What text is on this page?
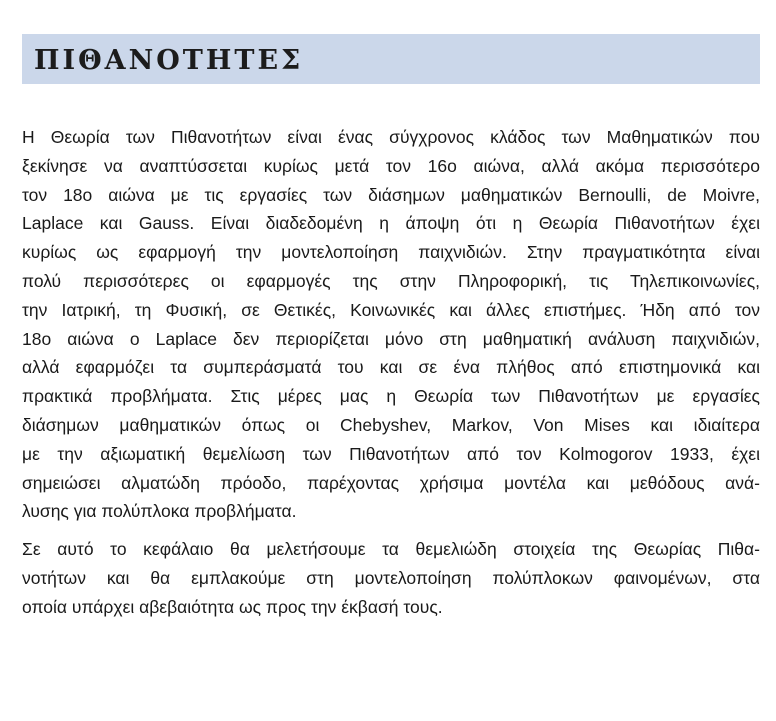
ΠΙΘΑΝΟΤΗΤΕΣ
Η Θεωρία των Πιθανοτήτων είναι ένας σύγχρονος κλάδος των Μαθηματικών που
ξεκίνησε να αναπτύσσεται κυρίως μετά τον 16ο αιώνα, αλλά ακόμα περισσότερο
τον 18ο αιώνα με τις εργασίες των διάσημων μαθηματικών Bernoulli, de Moivre,
Laplace και Gauss. Είναι διαδεδομένη η άποψη ότι η Θεωρία Πιθανοτήτων έχει
κυρίως ως εφαρμογή την μοντελοποίηση παιχνιδιών. Στην πραγματικότητα είναι
πολύ περισσότερες οι εφαρμογές της στην Πληροφορική, τις Τηλεπικοινωνίες,
την Ιατρική, τη Φυσική, σε Θετικές, Κοινωνικές και άλλες επιστήμες. Ήδη από τον
18ο αιώνα ο Laplace δεν περιορίζεται μόνο στη μαθηματική ανάλυση παιχνιδιών,
αλλά εφαρμόζει τα συμπεράσματά του και σε ένα πλήθος από επιστημονικά και
πρακτικά προβλήματα. Στις μέρες μας η Θεωρία των Πιθανοτήτων με εργασίες
διάσημων μαθηματικών όπως οι Chebyshev, Markov, Von Mises και ιδιαίτερα
με την αξιωματική θεμελίωση των Πιθανοτήτων από τον Kolmogorov 1933, έχει
σημειώσει αλματώδη πρόοδο, παρέχοντας χρήσιμα μοντέλα και μεθόδους ανά-
λυσης για πολύπλοκα προβλήματα.
Σε αυτό το κεφάλαιο θα μελετήσουμε τα θεμελιώδη στοιχεία της Θεωρίας Πιθα-
νοτήτων και θα εμπλακούμε στη μοντελοποίηση πολύπλοκων φαινομένων, στα
οποία υπάρχει αβεβαιότητα ως προς την έκβασή τους.
